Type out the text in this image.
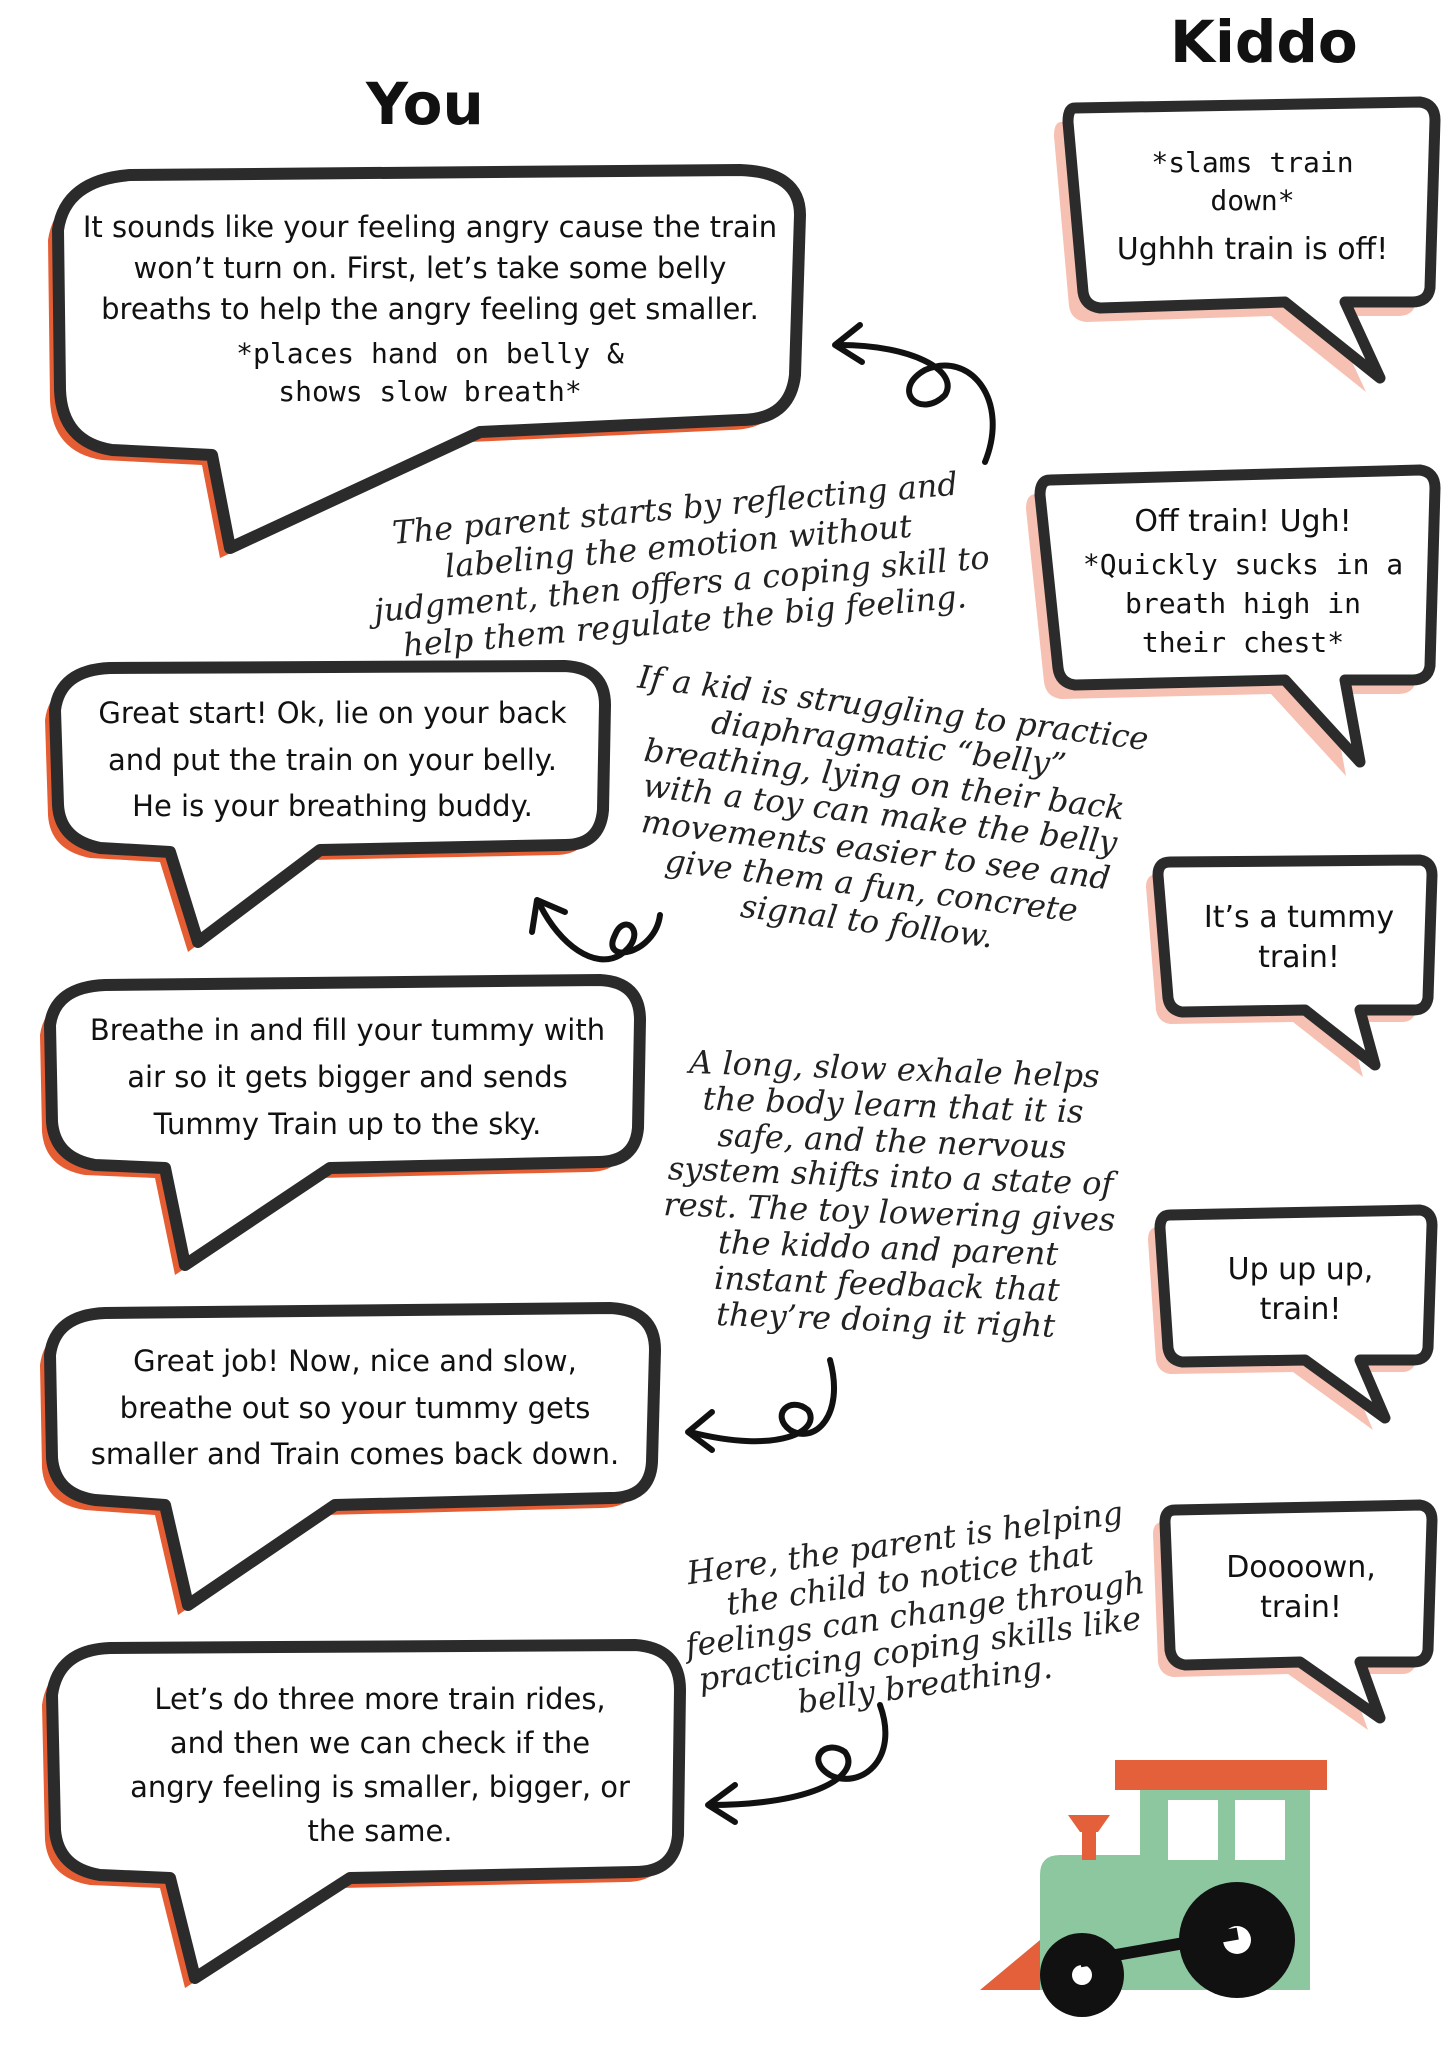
You
Kiddo
It sounds like your feeling angry cause the train won’t turn on. First, let’s take some belly breaths to help the angry feeling get smaller.
*places hand on belly & shows slow breath*
Great start! Ok, lie on your back and put the train on your belly. He is your breathing buddy.
Breathe in and fill your tummy with air so it gets bigger and sends Tummy Train up to the sky.
Great job! Now, nice and slow, breathe out so your tummy gets smaller and Train comes back down.
Let’s do three more train rides, and then we can check if the angry feeling is smaller, bigger, or the same.
*slams train down*
Ughhh train is off!
Off train! Ugh!
*Quickly sucks in a breath high in their chest*
It’s a tummy train!
Up up up, train!
Doooown, train!
The parent starts by reflecting and labeling the emotion without judgment, then offers a coping skill to help them regulate the big feeling.
If a kid is struggling to practice diaphragmatic “belly” breathing, lying on their back with a toy can make the belly movements easier to see and give them a fun, concrete signal to follow.
A long, slow exhale helps the body learn that it is safe, and the nervous system shifts into a state of rest. The toy lowering gives the kiddo and parent instant feedback that they’re doing it right
Here, the parent is helping the child to notice that feelings can change through practicing coping skills like belly breathing.
